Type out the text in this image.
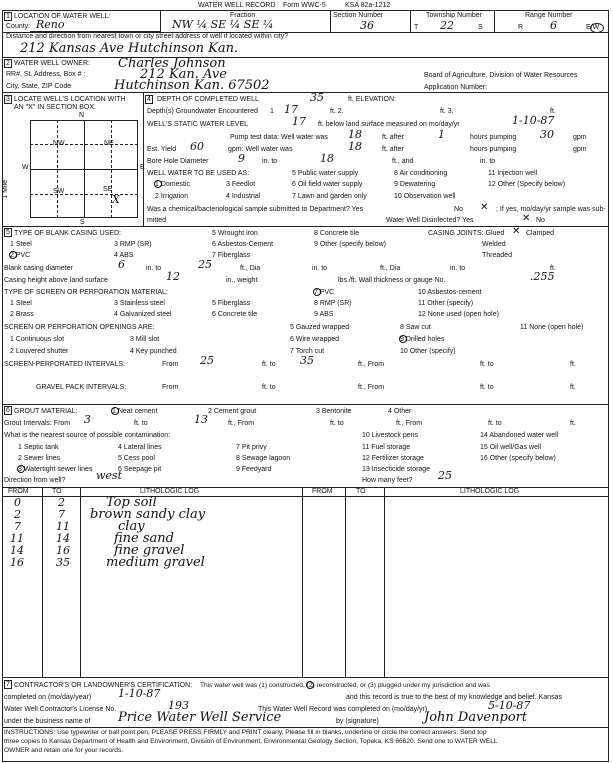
WATER WELL RECORD Form WWC-5	KSA 82a-1212
1 LOCATION OF WATER WELL:
County: Reno
Fraction
NW ¼ SE ¼ SE ¼
Section Number
36
Township Number
T 22	S
Range Number
R 6	E/W
Distance and direction from nearest town or city street address of well if located within city?
212 Kansas Ave Hutchinson Kan.
2 WATER WELL OWNER: Charles Johnson
RR#, St. Address, Box # :	212 Kan. Ave
City, State, ZIP Code	Hutchinson Kan. 67502
Board of Agriculture, Division of Water Resources
Application Number:
3 LOCATE WELL'S LOCATION WITH
AN "X" IN SECTION BOX.
N
S
E
W
1 Mile
NW	NE
SW	SE
X
4 DEPTH OF COMPLETED WELL	35	ft. ELEVATION:
Depth(s) Groundwater Encountered 1 17	ft. 2.	ft. 3.	ft.
WELL'S STATIC WATER LEVEL	17 ft. below land surface measured on mo/day/yr	1-10-87
Pump test data: Well water was 18	ft. after	1	hours pumping 30	gpm
Est. Yield 60	gpm: Well water was	18	ft. after	hours pumping	gpm
Bore Hole Diameter	9 in. to	18	ft., and	in. to
WELL WATER TO BE USED AS:
1 Domestic
2 Irrigation
3 Feedlot
4 Industrial
5 Public water supply
6 Oil field water supply
7 Lawn and garden only
8 Air conditioning
9 Dewatering
10 Observation well
11 Injection well
12 Other (Specify below)
Was a chemical/bacteriological sample submitted to Department? Yes	No ✕ ; If yes, mo/day/yr sample was sub-
mitted	Water Well Disinfected? Yes	✕ No
5 TYPE OF BLANK CASING USED:
1 Steel
2 PVC
3 RMP (SR)
4 ABS
5 Wrought iron
6 Asbestos-Cement
7 Fiberglass
8 Concrete tile
9 Other (specify below)
CASING JOINTS: Glued ✕ Clamped
Welded
Threaded
Blank casing diameter	6	in. to	25	ft., Dia	in. to	ft., Dia	in. to	ft.
Casing height above land surface	12	in., weight	lbs./ft. Wall thickness or gauge No.	.255
TYPE OF SCREEN OR PERFORATION MATERIAL:
1 Steel
2 Brass
3 Stainless steel
4 Galvanized steel
5 Fiberglass
6 Concrete tile
7 PVC
8 RMP (SR)
9 ABS
10 Asbestos-cement
11 Other (specify)
12 None used (open hole)
SCREEN OR PERFORATION OPENINGS ARE:
1 Continuous slot
2 Louvered shutter
3 Mill slot
4 Key punched
5 Gauzed wrapped
6 Wire wrapped
7 Torch cut
8 Saw cut
9 Drilled holes
10 Other (specify)
11 None (open hole)
SCREEN-PERFORATED INTERVALS:	From 25	ft. to 35	ft., From	ft. to	ft.
GRAVEL PACK INTERVALS:	From	ft. to	ft., From	ft. to	ft.
6 GROUT MATERIAL:	1 Neat cement	2 Cement grout	3 Bentonite	4 Other
Grout Intervals: From 3	ft. to	13	ft., From	ft. to	ft., From	ft. to	ft.
What is the nearest source of possible contamination:
1 Septic tank
2 Sewer lines
3 Watertight sewer lines
4 Lateral lines
5 Cess pool
6 Seepage pit
7 Pit privy
8 Sewage lagoon
9 Feedyard
10 Livestock pens
11 Fuel storage
12 Fertilizer storage
13 Insecticide storage
14 Abandoned water well
15 Oil well/Gas well
16 Other (specify below)
Direction from well?	west	How many feet? 25
FROM	TO	LITHOLOGIC LOG	FROM	TO	LITHOLOGIC LOG
0	2	Top soil
2	7 brown sandy clay
7	11	clay
11	14	fine sand
14	16	fine gravel
16	35	medium gravel
7 CONTRACTOR'S OR LANDOWNER'S CERTIFICATION: This water well was (1) constructed, (2) reconstructed, or (3) plugged under my jurisdiction and was
completed on (mo/day/year) 1-10-87	and this record is true to the best of my knowledge and belief. Kansas
Water Well Contractor's License No.	193	This Water Well Record was completed on (mo/day/yr)	5-10-87
under the business name of Price Water Well Service	by (signature)	John Davenport
INSTRUCTIONS: Use typewriter or ball point pen, PLEASE PRESS FIRMLY and PRINT clearly. Please fill in blanks, underline or circle the correct answers. Send top
three copies to Kansas Department of Health and Environment, Division of Environment, Environmental Geology Section, Topeka, KS 66620. Send one to WATER WELL
OWNER and retain one for your records.
